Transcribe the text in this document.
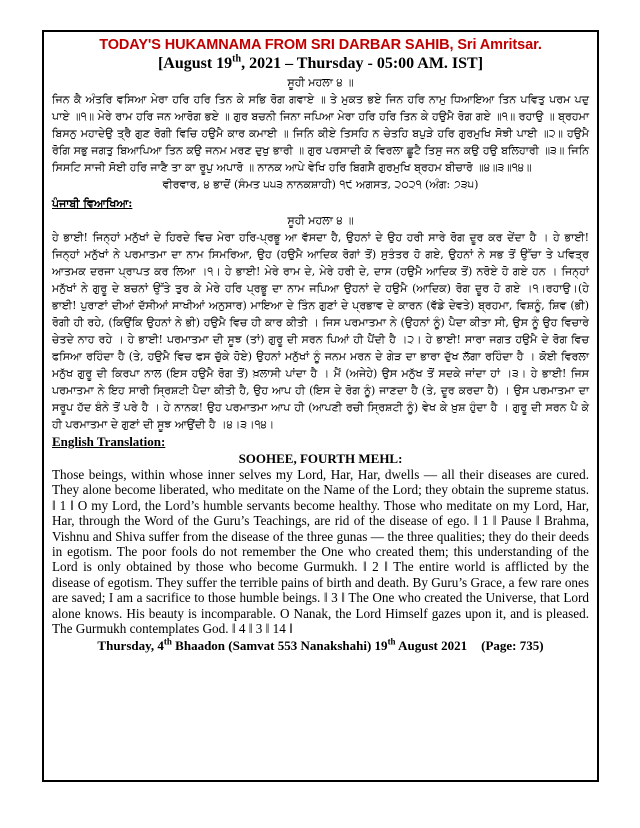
TODAY'S HUKAMNAMA FROM SRI DARBAR SAHIB, Sri Amritsar.
[August 19th, 2021 – Thursday - 05:00 AM. IST]
ਸੂਹੀ ਮਹਲਾ ੪ ॥
ਜਿਨ ਕੈ ਅੰਤਰਿ ਵਸਿਆ ਮੇਰਾ ਹਰਿ ਹਰਿ ਤਿਨ ਕੇ ਸਭਿ ਰੋਗ ਗਵਾਏ ॥ ਤੇ ਮੁਕਤ ਭਏ ਜਿਨ ਹਰਿ ਨਾਮੁ ਧਿਆਇਆ ਤਿਨ ਪਵਿਤੁ ਪਰਮ ਪਦੁ ਪਾਏ ॥੧॥ ਮੇਰੇ ਰਾਮ ਹਰਿ ਜਨ ਆਰੋਗ ਭਏ ॥ ਗੁਰ ਬਚਨੀ ਜਿਨਾ ਜਪਿਆ ਮੇਰਾ ਹਰਿ ਹਰਿ ਤਿਨ ਕੇ ਹਉਮੈ ਰੋਗ ਗਏ ॥੧॥ ਰਹਾਉ ॥ ਬ੍ਰਹਮਾ ਬਿਸਨੁ ਮਹਾਦੇਉ ਤ੍ਰੈ ਗੁਣ ਰੋਗੀ ਵਿਚਿ ਹਉਮੈ ਕਾਰ ਕਮਾਈ ॥ ਜਿਨਿ ਕੀਏ ਤਿਸਹਿ ਨ ਚੇਤਹਿ ਬਪੁੜੇ ਹਰਿ ਗੁਰਮੁਖਿ ਸੋਝੀ ਪਾਈ ॥੨॥ ਹਉਮੈ ਰੋਗਿ ਸਭੁ ਜਗਤੁ ਬਿਆਪਿਆ ਤਿਨ ਕਉ ਜਨਮ ਮਰਣ ਦੁਖੁ ਭਾਰੀ ॥ ਗੁਰ ਪਰਸਾਦੀ ਕੋ ਵਿਰਲਾ ਛੂਟੈ ਤਿਸੁ ਜਨ ਕਉ ਹਉ ਬਲਿਹਾਰੀ ॥੩॥ ਜਿਨਿ ਸਿਸਟਿ ਸਾਜੀ ਸੋਈ ਹਰਿ ਜਾਣੈ ਤਾ ਕਾ ਰੂਪੁ ਅਪਾਰੋ ॥ ਨਾਨਕ ਆਪੇ ਵੇਖਿ ਹਰਿ ਬਿਗਸੈ ਗੁਰਮੁਖਿ ਬ੍ਰਹਮ ਬੀਚਾਰੋ ॥੪॥੩॥੧੪॥
ਵੀਰਵਾਰ, ੪ ਭਾਦੋਂ (ਸੰਮਤ ੫੫੩ ਨਾਨਕਸ਼ਾਹੀ) ੧੯ ਅਗਸਤ, ੨੦੨੧ (ਅੰਗ: ੭੩੫)
ਪੰਜਾਬੀ ਵਿਆਖਿਆ:
ਸੂਹੀ ਮਹਲਾ ੪ ॥
ਹੇ ਭਾਈ! ਜਿਨ੍ਹਾਂ ਮਨੁੱਖਾਂ ਦੇ ਹਿਰਦੇ ਵਿਚ ਮੇਰਾ ਹਰਿ-ਪ੍ਰਭੂ ਆ ਵੱਸਦਾ ਹੈ, ਉਹਨਾਂ ਦੇ ਉਹ ਹਰੀ ਸਾਰੇ ਰੋਗ ਦੂਰ ਕਰ ਦੇਂਦਾ ਹੈ । ਹੇ ਭਾਈ! ਜਿਨ੍ਹਾਂ ਮਨੁੱਖਾਂ ਨੇ ਪਰਮਾਤਮਾ ਦਾ ਨਾਮ ਸਿਮਰਿਆ, ਉਹ (ਹਉਮੈ ਆਦਿਕ ਰੋਗਾਂ ਤੋਂ) ਸੁਤੰਤਰ ਹੋ ਗਏ, ਉਹਨਾਂ ਨੇ ਸਭ ਤੋਂ ਉੱਚਾ ਤੇ ਪਵਿਤ੍ਰ ਆਤਮਕ ਦਰਜਾ ਪ੍ਰਾਪਤ ਕਰ ਲਿਆ ।੧। ਹੇ ਭਾਈ! ਮੇਰੇ ਰਾਮ ਦੇ, ਮੇਰੇ ਹਰੀ ਦੇ, ਦਾਸ (ਹਉਮੈ ਆਦਿਕ ਤੋਂ) ਨਰੋਏ ਹੋ ਗਏ ਹਨ । ਜਿਨ੍ਹਾਂ ਮਨੁੱਖਾਂ ਨੇ ਗੁਰੂ ਦੇ ਬਚਨਾਂ ਉੱਤੇ ਤੁਰ ਕੇ ਮੇਰੇ ਹਰਿ ਪ੍ਰਭੂ ਦਾ ਨਾਮ ਜਪਿਆ ਉਹਨਾਂ ਦੇ ਹਉਮੈ (ਆਦਿਕ) ਰੋਗ ਦੂਰ ਹੋ ਗਏ ।੧।ਰਹਾਉ।(ਹੇ ਭਾਈ! ਪੁਰਾਣਾਂ ਦੀਆਂ ਦੱਸੀਆਂ ਸਾਖੀਆਂ ਅਨੁਸਾਰ) ਮਾਇਆ ਦੇ ਤਿੰਨ ਗੁਣਾਂ ਦੇ ਪ੍ਰਭਾਵ ਦੇ ਕਾਰਨ (ਵੱਡੇ ਦੇਵਤੇ) ਬ੍ਰਹਮਾ, ਵਿਸ਼ਨੂੰ, ਸ਼ਿਵ (ਭੀ) ਰੋਗੀ ਹੀ ਰਹੇ, (ਕਿਉਂਕਿ ਉਹਨਾਂ ਨੇ ਭੀ) ਹਉਮੈ ਵਿਚ ਹੀ ਕਾਰ ਕੀਤੀ । ਜਿਸ ਪਰਮਾਤਮਾ ਨੇ (ਉਹਨਾਂ ਨੂੰ) ਪੈਦਾ ਕੀਤਾ ਸੀ, ਉਸ ਨੂੰ ਉਹ ਵਿਚਾਰੇ ਚੇਤਦੇ ਨਾਹ ਰਹੇ । ਹੇ ਭਾਈ! ਪਰਮਾਤਮਾ ਦੀ ਸੂਝ (ਤਾਂ) ਗੁਰੂ ਦੀ ਸਰਨ ਪਿਆਂ ਹੀ ਪੈਂਦੀ ਹੈ ।੨। ਹੇ ਭਾਈ! ਸਾਰਾ ਜਗਤ ਹਉਮੈ ਦੇ ਰੋਗ ਵਿਚ ਫਸਿਆ ਰਹਿੰਦਾ ਹੈ (ਤੇ, ਹਉਮੈ ਵਿਚ ਫਸ ਚੁੱਕੇ ਹੋਏ) ਉਹਨਾਂ ਮਨੁੱਖਾਂ ਨੂੰ ਜਨਮ ਮਰਨ ਦੇ ਗੇੜ ਦਾ ਭਾਰਾ ਦੁੱਖ ਲੱਗਾ ਰਹਿੰਦਾ ਹੈ । ਕੋਈ ਵਿਰਲਾ ਮਨੁੱਖ ਗੁਰੂ ਦੀ ਕਿਰਪਾ ਨਾਲ (ਇਸ ਹਉਮੈ ਰੋਗ ਤੋਂ) ਖ਼ਲਾਸੀ ਪਾਂਦਾ ਹੈ । ਮੈਂ (ਅਜੇਹੇ) ਉਸ ਮਨੁੱਖ ਤੋਂ ਸਦਕੇ ਜਾਂਦਾ ਹਾਂ ।੩। ਹੇ ਭਾਈ! ਜਿਸ ਪਰਮਾਤਮਾ ਨੇ ਇਹ ਸਾਰੀ ਸ੍ਰਿਸ਼ਟੀ ਪੈਦਾ ਕੀਤੀ ਹੈ, ਉਹ ਆਪ ਹੀ (ਇਸ ਦੇ ਰੋਗ ਨੂੰ) ਜਾਣਦਾ ਹੈ (ਤੇ, ਦੂਰ ਕਰਦਾ ਹੈ) । ਉਸ ਪਰਮਾਤਮਾ ਦਾ ਸਰੂਪ ਹੱਦ ਬੰਨੇ ਤੋਂ ਪਰੇ ਹੈ । ਹੇ ਨਾਨਕ! ਉਹ ਪਰਮਾਤਮਾ ਆਪ ਹੀ (ਆਪਣੀ ਰਚੀ ਸ੍ਰਿਸ਼ਟੀ ਨੂੰ) ਵੇਖ ਕੇ ਖ਼ੁਸ਼ ਹੁੰਦਾ ਹੈ । ਗੁਰੂ ਦੀ ਸਰਨ ਪੈ ਕੇ ਹੀ ਪਰਮਾਤਮਾ ਦੇ ਗੁਣਾਂ ਦੀ ਸੂਝ ਆਉਂਦੀ ਹੈ ।੪।੩।੧੪।
English Translation:
SOOHEE, FOURTH MEHL:
Those beings, within whose inner selves my Lord, Har, Har, dwells — all their diseases are cured. They alone become liberated, who meditate on the Name of the Lord; they obtain the supreme status. ‖ 1 ‖ O my Lord, the Lord’s humble servants become healthy. Those who meditate on my Lord, Har, Har, through the Word of the Guru’s Teachings, are rid of the disease of ego. ‖ 1 ‖ Pause ‖ Brahma, Vishnu and Shiva suffer from the disease of the three gunas — the three qualities; they do their deeds in egotism. The poor fools do not remember the One who created them; this understanding of the Lord is only obtained by those who become Gurmukh. ‖ 2 ‖ The entire world is afflicted by the disease of egotism. They suffer the terrible pains of birth and death. By Guru’s Grace, a few rare ones are saved; I am a sacrifice to those humble beings. ‖ 3 ‖ The One who created the Universe, that Lord alone knows. His beauty is incomparable. O Nanak, the Lord Himself gazes upon it, and is pleased. The Gurmukh contemplates God. ‖ 4 ‖ 3 ‖ 14 ‖
Thursday, 4th Bhaadon (Samvat 553 Nanakshahi) 19th August 2021 (Page: 735)
